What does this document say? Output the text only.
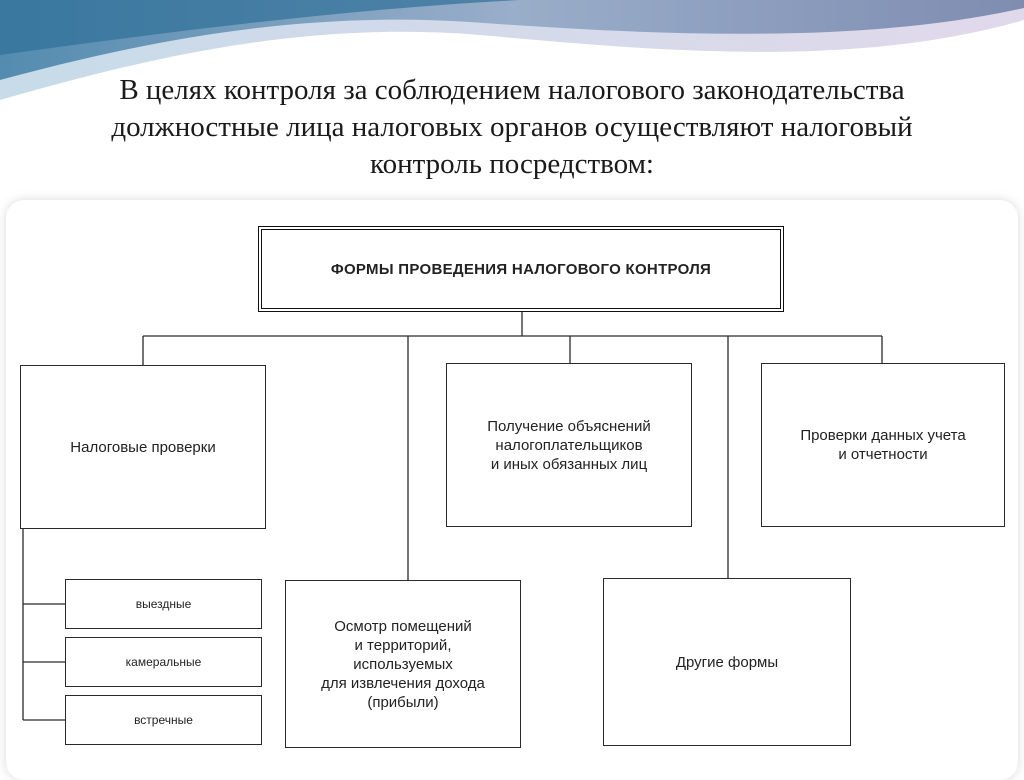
В целях контроля за соблюдением налогового законодательства должностные лица налоговых органов осуществляют налоговый контроль посредством:

ФОРМЫ ПРОВЕДЕНИЯ НАЛОГОВОГО КОНТРОЛЯ
Налоговые проверки
Получение объяснений
налогоплательщиков
и иных обязанных лиц
Проверки данных учета
и отчетности
выездные
камеральные
встречные
Осмотр помещений
и территорий,
используемых
для извлечения дохода
(прибыли)
Другие формы
